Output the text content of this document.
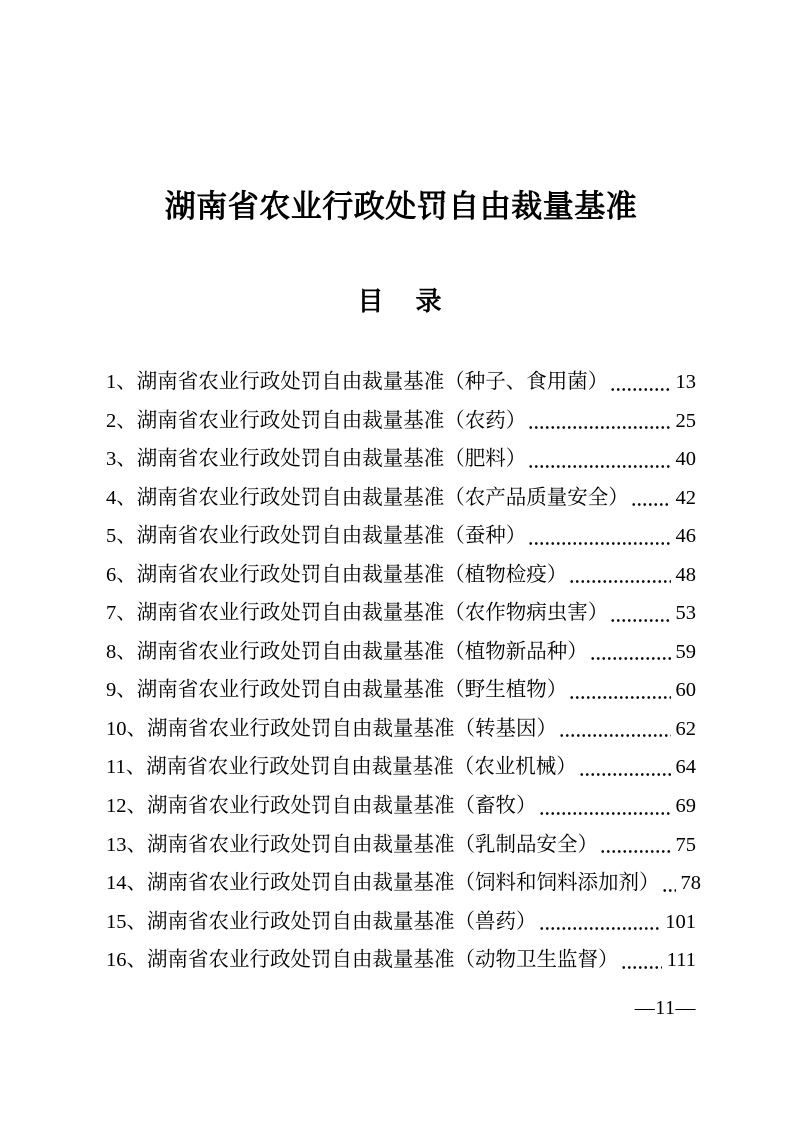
湖南省农业行政处罚自由裁量基准
目　录
1、 湖南省农业行政处罚自由裁量基准（种子、食用菌）	13
2、 湖南省农业行政处罚自由裁量基准（农药）	25
3、 湖南省农业行政处罚自由裁量基准（肥料）	40
4、 湖南省农业行政处罚自由裁量基准（农产品质量安全） 42
5、 湖南省农业行政处罚自由裁量基准（蚕种）	46
6、 湖南省农业行政处罚自由裁量基准（植物检疫）	48
7、 湖南省农业行政处罚自由裁量基准（农作物病虫害）	53
8、 湖南省农业行政处罚自由裁量基准（植物新品种）	59
9、 湖南省农业行政处罚自由裁量基准（野生植物）	60
10、 湖南省农业行政处罚自由裁量基准（转基因）	62
11、 湖南省农业行政处罚自由裁量基准（农业机械）	64
12、 湖南省农业行政处罚自由裁量基准（畜牧）	69
13、 湖南省农业行政处罚自由裁量基准（乳制品安全）	75
14、 湖南省农业行政处罚自由裁量基准（饲料和饲料添加剂） 78
15、 湖南省农业行政处罚自由裁量基准（兽药）	101
16、 湖南省农业行政处罚自由裁量基准（动物卫生监督） 111
—11—
